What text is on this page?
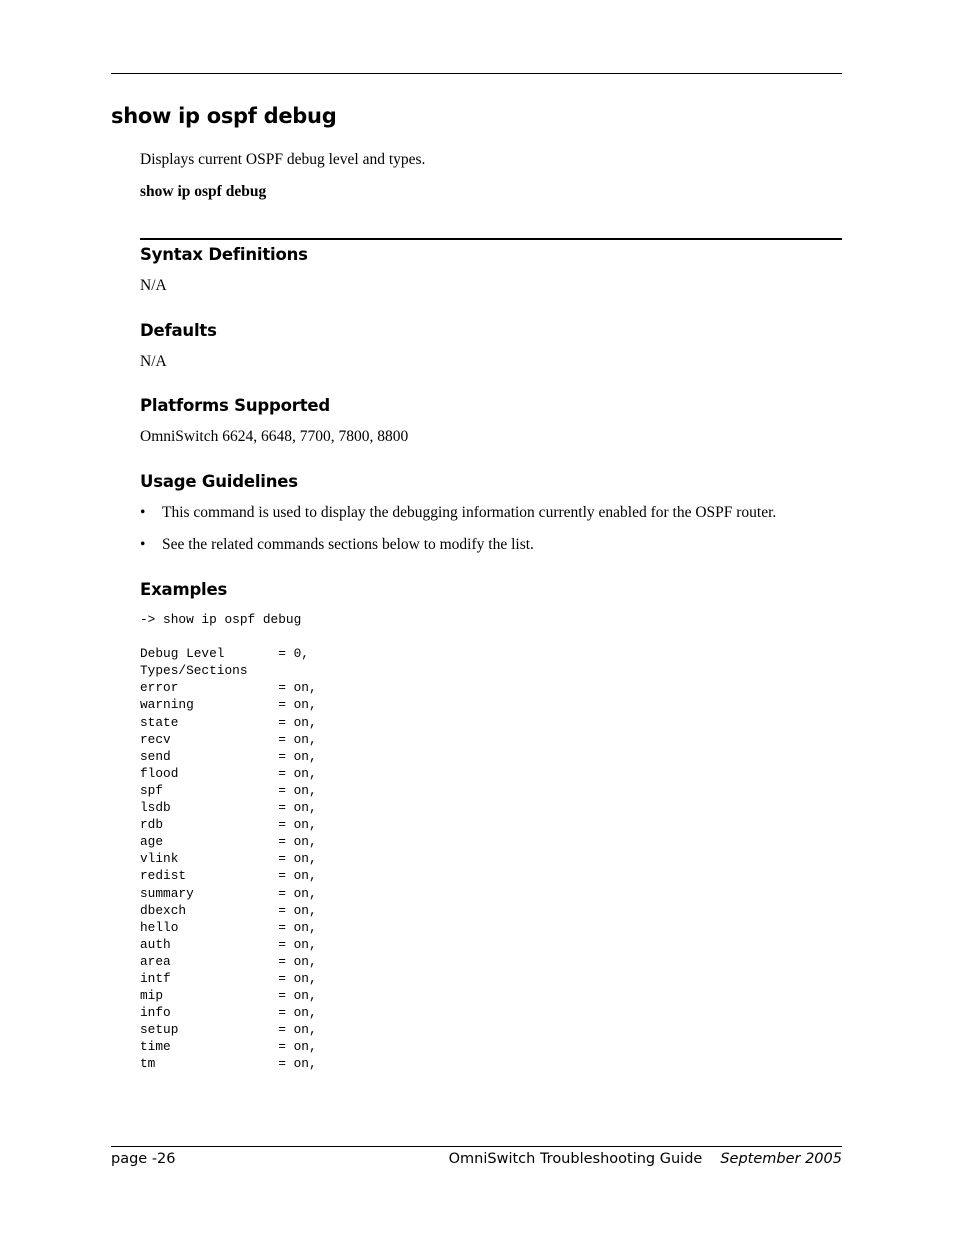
show ip ospf debug
Displays current OSPF debug level and types.
show ip ospf debug
Syntax Definitions
N/A
Defaults
N/A
Platforms Supported
OmniSwitch 6624, 6648, 7700, 7800, 8800
Usage Guidelines
• This command is used to display the debugging information currently enabled for the OSPF router.
• See the related commands sections below to modify the list.
Examples
-> show ip ospf debug

Debug Level       = 0,
Types/Sections
error             = on,
warning           = on,
state             = on,
recv              = on,
send              = on,
flood             = on,
spf               = on,
lsdb              = on,
rdb               = on,
age               = on,
vlink             = on,
redist            = on,
summary           = on,
dbexch            = on,
hello             = on,
auth              = on,
area              = on,
intf              = on,
mip               = on,
info              = on,
setup             = on,
time              = on,
tm                = on,
page -26	OmniSwitch Troubleshooting Guide September 2005
